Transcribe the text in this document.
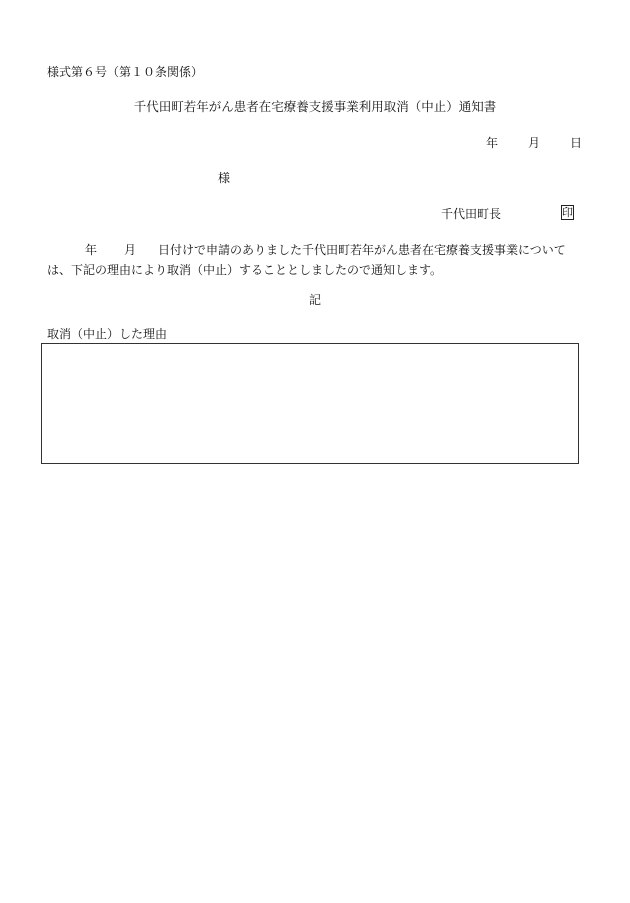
様式第６号（第１０条関係）
千代田町若年がん患者在宅療養支援事業利用取消（中止）通知書
年	月	日
様
千代田町長	印
年 月 日付けで申請のありました千代田町若年がん患者在宅療養支援事業については、下記の理由により取消（中止）することとしましたので通知します。
記
取消（中止）した理由
